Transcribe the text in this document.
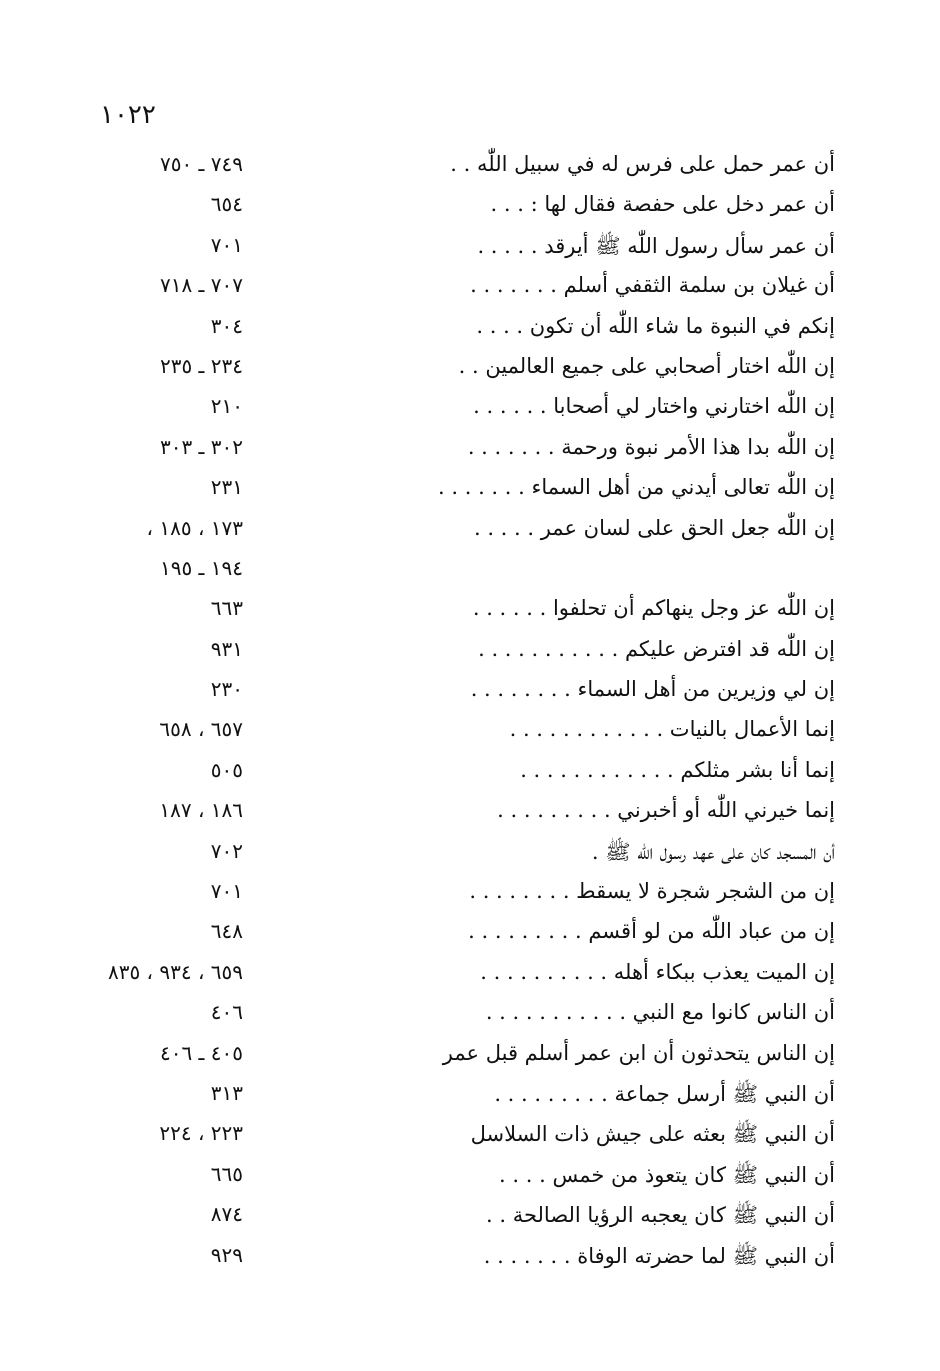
١٠٢٢
أن عمر حمل على فرس له في سبيل اللّٰه . .
٧٤٩ ـ ٧٥٠
أن عمر دخل على حفصة فقال لها : . . .
٦٥٤
أن عمر سأل رسول اللّٰه ﷺ أيرقد . . . . .
٧٠١
أن غيلان بن سلمة الثقفي أسلم . . . . . . .
٧٠٧ ـ ٧١٨
إنكم في النبوة ما شاء اللّٰه أن تكون . . . .
٣٠٤
إن اللّٰه اختار أصحابي على جميع العالمين . .
٢٣٤ ـ ٢٣٥
إن اللّٰه اختارني واختار لي أصحابا . . . . . .
٢١٠
إن اللّٰه بدا هذا الأمر نبوة ورحمة . . . . . . .
٣٠٢ ـ ٣٠٣
إن اللّٰه تعالى أيدني من أهل السماء . . . . . . .
٢٣١
إن اللّٰه جعل الحق على لسان عمر . . . . .
١٧٣ ، ١٨٥ ،
١٩٤ ـ ١٩٥
إن اللّٰه عز وجل ينهاكم أن تحلفوا . . . . . .
٦٦٣
إن اللّٰه قد افترض عليكم . . . . . . . . . . .
٩٣١
إن لي وزيرين من أهل السماء . . . . . . . .
٢٣٠
إنما الأعمال بالنيات . . . . . . . . . . . .
٦٥٧ ، ٦٥٨
إنما أنا بشر مثلكم . . . . . . . . . . . .
٥٠٥
إنما خيرني اللّٰه أو أخبرني . . . . . . . . .
١٨٦ ، ١٨٧
أن المسجد كان على عهد رسول اللّٰه ﷺ .
٧٠٢
إن من الشجر شجرة لا يسقط . . . . . . . .
٧٠١
إن من عباد اللّٰه من لو أقسم . . . . . . . . .
٦٤٨
إن الميت يعذب ببكاء أهله . . . . . . . . . .
٦٥٩ ، ٩٣٤ ، ٨٣٥
أن الناس كانوا مع النبي . . . . . . . . . . .
٤٠٦
إن الناس يتحدثون أن ابن عمر أسلم قبل عمر
٤٠٥ ـ ٤٠٦
أن النبي ﷺ أرسل جماعة . . . . . . . . .
٣١٣
أن النبي ﷺ بعثه على جيش ذات السلاسل
٢٢٣ ، ٢٢٤
أن النبي ﷺ كان يتعوذ من خمس . . . .
٦٦٥
أن النبي ﷺ كان يعجبه الرؤيا الصالحة . .
٨٧٤
أن النبي ﷺ لما حضرته الوفاة . . . . . . .
٩٢٩
